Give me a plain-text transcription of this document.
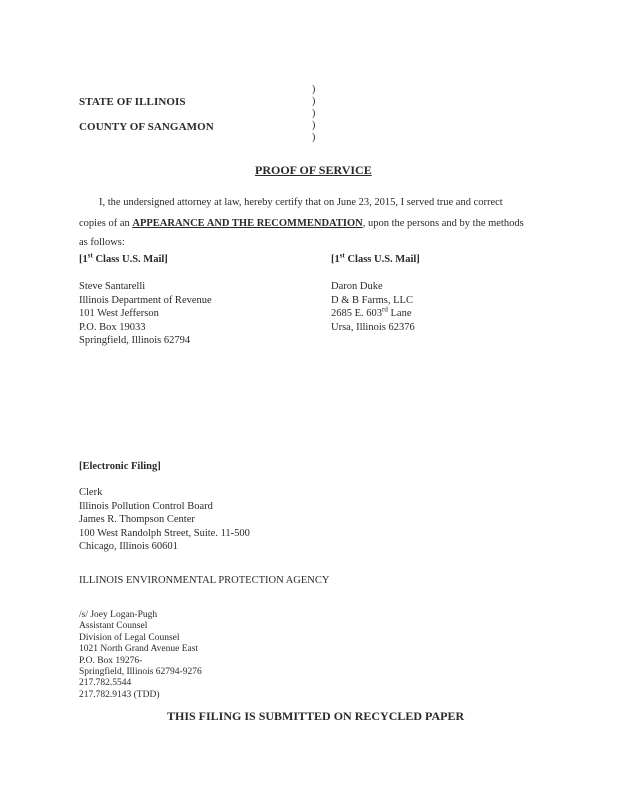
STATE OF ILLINOIS
COUNTY OF SANGAMON
)
)
)
)
)
PROOF OF SERVICE
I, the undersigned attorney at law, hereby certify that on June 23, 2015, I served true and correct
copies of an APPEARANCE AND THE RECOMMENDATION, upon the persons and by the methods
as follows:
[1st Class U.S. Mail]
Steve Santarelli
Illinois Department of Revenue
101 West Jefferson
P.O. Box 19033
Springfield, Illinois 62794
[1st Class U.S. Mail]
Daron Duke
D & B Farms, LLC
2685 E. 603rd Lane
Ursa, Illinois 62376
[Electronic Filing]
Clerk
Illinois Pollution Control Board
James R. Thompson Center
100 West Randolph Street, Suite. 11-500
Chicago, Illinois 60601
ILLINOIS ENVIRONMENTAL PROTECTION AGENCY
/s/ Joey Logan-Pugh
Assistant Counsel
Division of Legal Counsel
1021 North Grand Avenue East
P.O. Box 19276-
Springfield, Illinois 62794-9276
217.782.5544
217.782.9143 (TDD)
THIS FILING IS SUBMITTED ON RECYCLED PAPER
